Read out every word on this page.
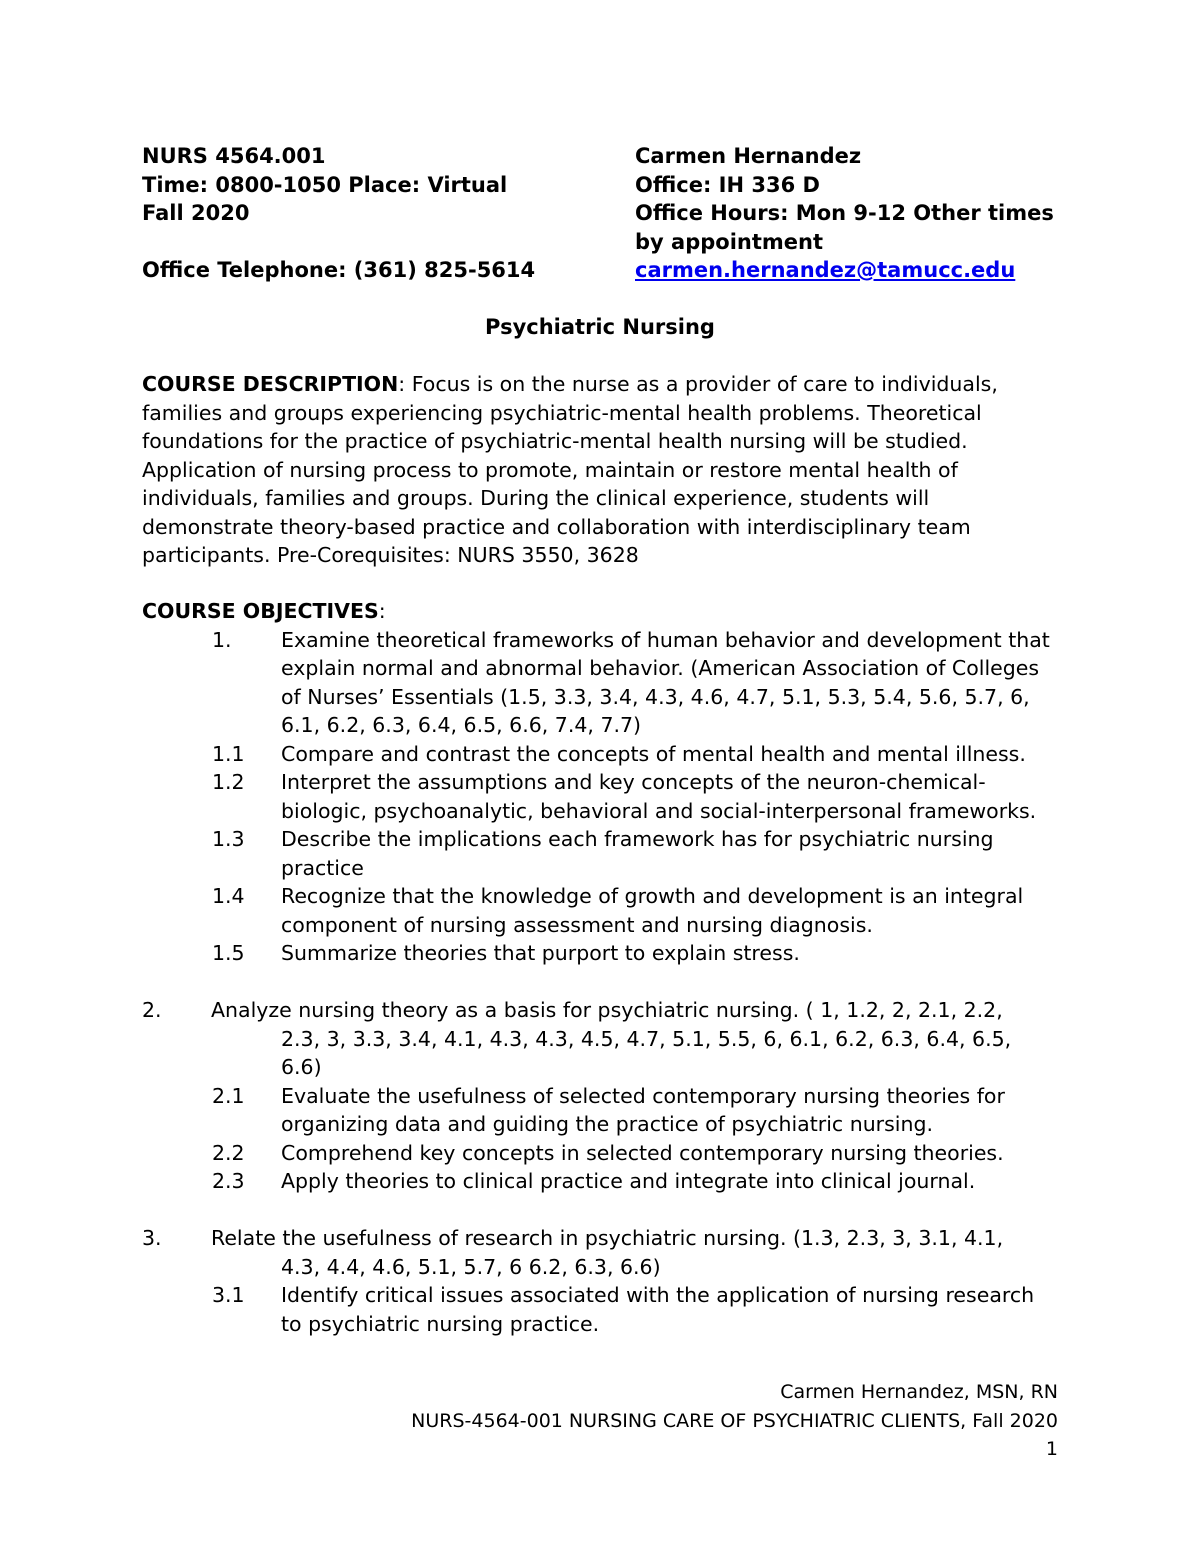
NURS 4564.001
Time: 0800-1050 Place: Virtual
Fall 2020
Office Telephone: (361) 825-5614
Carmen Hernandez
Office: IH 336 D
Office Hours: Mon 9-12 Other times by appointment
carmen.hernandez@tamucc.edu
Psychiatric Nursing
COURSE DESCRIPTION: Focus is on the nurse as a provider of care to individuals, families and groups experiencing psychiatric-mental health problems. Theoretical foundations for the practice of psychiatric-mental health nursing will be studied. Application of nursing process to promote, maintain or restore mental health of individuals, families and groups. During the clinical experience, students will demonstrate theory-based practice and collaboration with interdisciplinary team participants. Pre-Corequisites: NURS 3550, 3628
COURSE OBJECTIVES:
1. Examine theoretical frameworks of human behavior and development that
explain normal and abnormal behavior. (American Association of Colleges
of Nurses’ Essentials (1.5, 3.3, 3.4, 4.3, 4.6, 4.7, 5.1, 5.3, 5.4, 5.6, 5.7, 6,
6.1, 6.2, 6.3, 6.4, 6.5, 6.6, 7.4, 7.7)
1.1 Compare and contrast the concepts of mental health and mental illness.
1.2 Interpret the assumptions and key concepts of the neuron-chemical-
biologic, psychoanalytic, behavioral and social-interpersonal frameworks.
1.3 Describe the implications each framework has for psychiatric nursing
practice
1.4 Recognize that the knowledge of growth and development is an integral
component of nursing assessment and nursing diagnosis.
1.5 Summarize theories that purport to explain stress.
2. Analyze nursing theory as a basis for psychiatric nursing. ( 1, 1.2, 2, 2.1, 2.2,
2.3, 3, 3.3, 3.4, 4.1, 4.3, 4.3, 4.5, 4.7, 5.1, 5.5, 6, 6.1, 6.2, 6.3, 6.4, 6.5,
6.6)
2.1 Evaluate the usefulness of selected contemporary nursing theories for
organizing data and guiding the practice of psychiatric nursing.
2.2 Comprehend key concepts in selected contemporary nursing theories.
2.3 Apply theories to clinical practice and integrate into clinical journal.
3. Relate the usefulness of research in psychiatric nursing. (1.3, 2.3, 3, 3.1, 4.1,
4.3, 4.4, 4.6, 5.1, 5.7, 6 6.2, 6.3, 6.6)
3.1 Identify critical issues associated with the application of nursing research
to psychiatric nursing practice.
Carmen Hernandez, MSN, RN
NURS-4564-001 NURSING CARE OF PSYCHIATRIC CLIENTS, Fall 2020
1
